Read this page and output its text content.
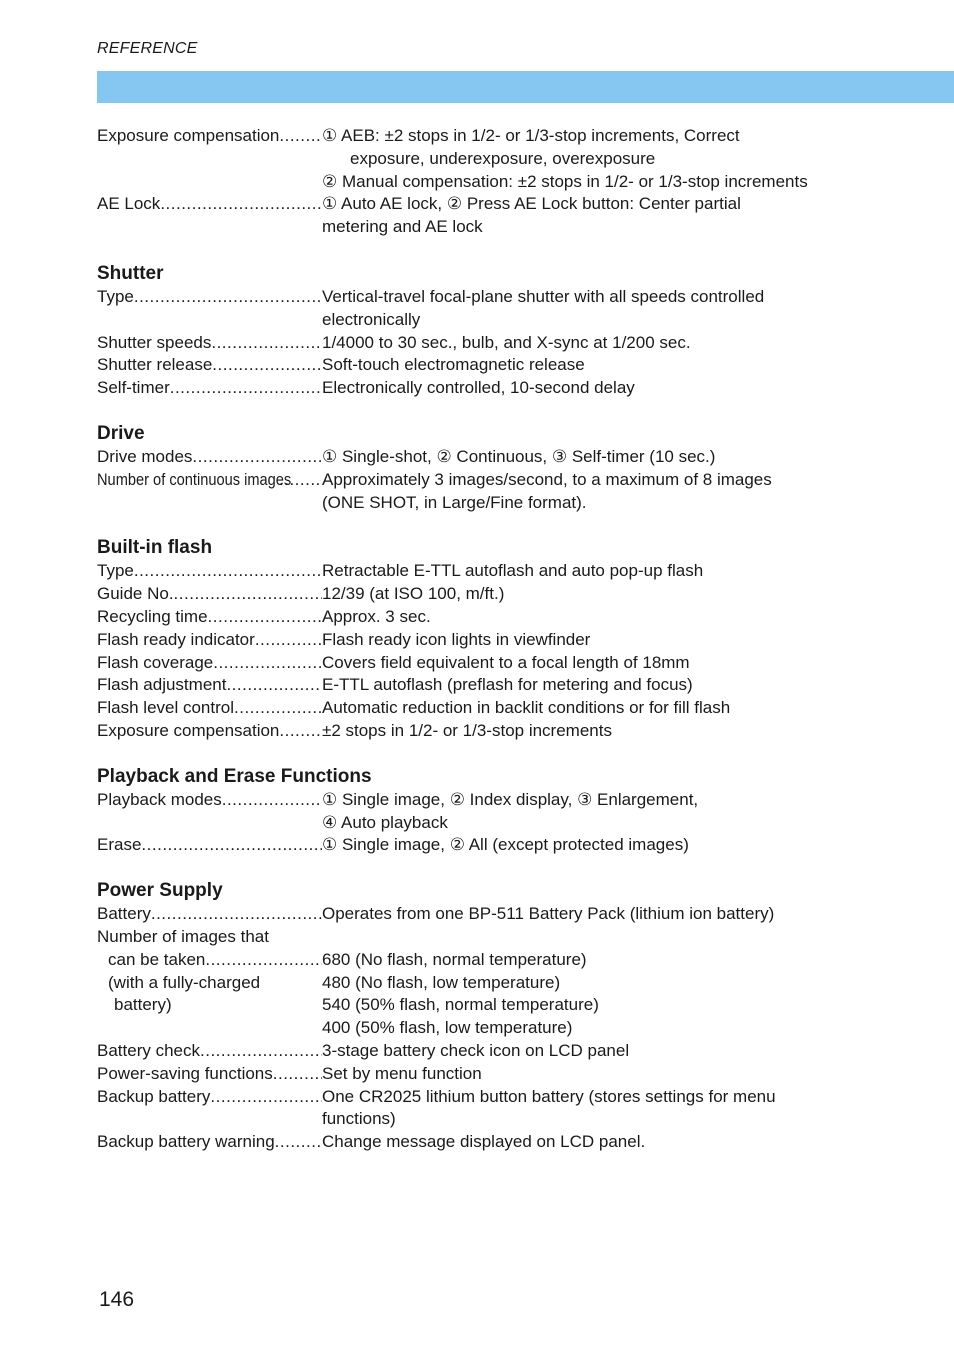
REFERENCE
Exposure compensation .....	① AEB: ±2 stops in 1/2- or 1/3-stop increments, Correct
exposure, underexposure, overexposure
② Manual compensation: ±2 stops in 1/2- or 1/3-stop increments
AE Lock .....	① Auto AE lock, ② Press AE Lock button: Center partial
metering and AE lock
Shutter
Type .....	Vertical-travel focal-plane shutter with all speeds controlled
electronically
Shutter speeds .....	1/4000 to 30 sec., bulb, and X-sync at 1/200 sec.
Shutter release .....	Soft-touch electromagnetic release
Self-timer .....	Electronically controlled, 10-second delay
Drive
Drive modes .....	① Single-shot, ② Continuous, ③ Self-timer (10 sec.)
Number of continuous images ..... Approximately 3 images/second, to a maximum of 8 images
(ONE SHOT, in Large/Fine format).
Built-in flash
Type .....	Retractable E-TTL autoflash and auto pop-up flash
Guide No. .....	12/39 (at ISO 100, m/ft.)
Recycling time .....	Approx. 3 sec.
Flash ready indicator .....	Flash ready icon lights in viewfinder
Flash coverage .....	Covers field equivalent to a focal length of 18mm
Flash adjustment .....	E-TTL autoflash (preflash for metering and focus)
Flash level control .....	Automatic reduction in backlit conditions or for fill flash
Exposure compensation .....	±2 stops in 1/2- or 1/3-stop increments
Playback and Erase Functions
Playback modes .....	① Single image, ② Index display, ③ Enlargement,
④ Auto playback
Erase .....	① Single image, ② All (except protected images)
Power Supply
Battery .....	Operates from one BP-511 Battery Pack (lithium ion battery)
Number of images that
can be taken .....	680 (No flash, normal temperature)
(with a fully-charged	480 (No flash, low temperature)
battery)	540 (50% flash, normal temperature)
400 (50% flash, low temperature)
Battery check .....	3-stage battery check icon on LCD panel
Power-saving functions .....	Set by menu function
Backup battery .....	One CR2025 lithium button battery (stores settings for menu
functions)
Backup battery warning .....	Change message displayed on LCD panel.
146
